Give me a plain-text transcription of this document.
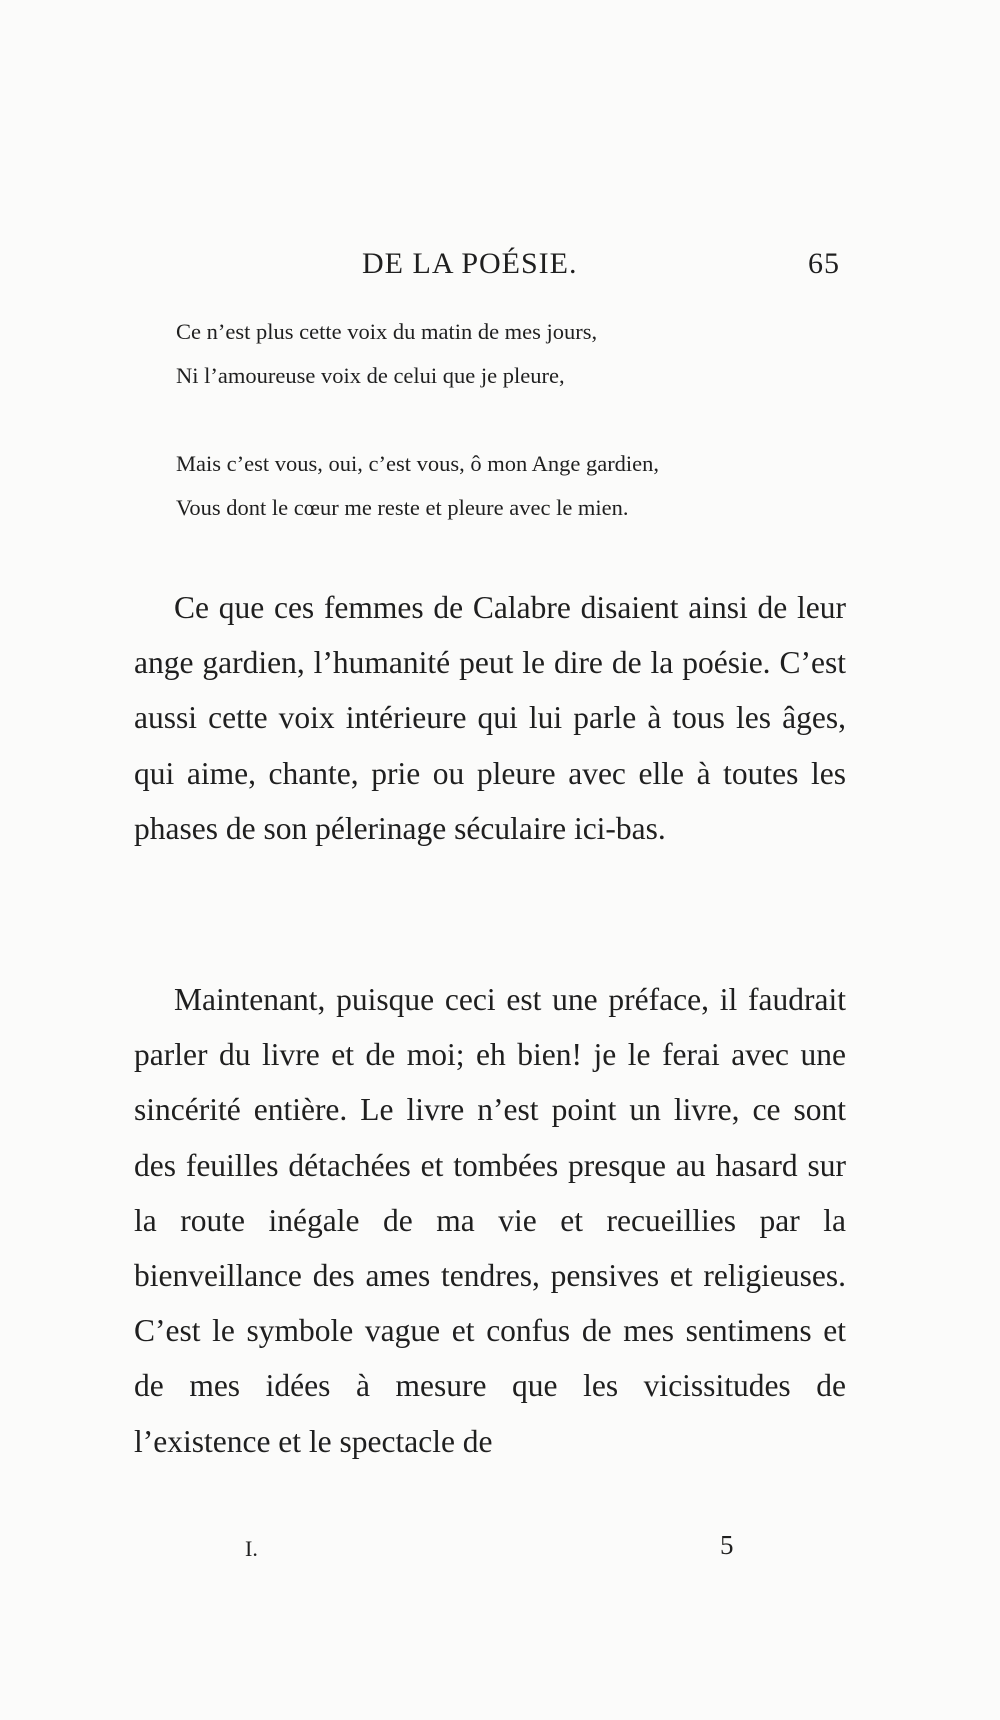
DE LA POÉSIE.	65
Ce n’est plus cette voix du matin de mes jours,
Ni l’amoureuse voix de celui que je pleure,
Mais c’est vous, oui, c’est vous, ô mon Ange gardien,
Vous dont le cœur me reste et pleure avec le mien.
Ce que ces femmes de Calabre disaient ainsi de leur ange gardien, l’humanité peut le dire de la poésie. C’est aussi cette voix intérieure qui lui parle à tous les âges, qui aime, chante, prie ou pleure avec elle à toutes les phases de son pélerinage séculaire ici-bas.
Maintenant, puisque ceci est une préface, il faudrait parler du livre et de moi; eh bien! je le ferai avec une sincérité entière. Le livre n’est point un livre, ce sont des feuilles détachées et tombées presque au hasard sur la route inégale de ma vie et recueillies par la bienveillance des ames tendres, pensives et religieuses. C’est le symbole vague et confus de mes sentimens et de mes idées à mesure que les vicissitudes de l’existence et le spectacle de
I.	5
